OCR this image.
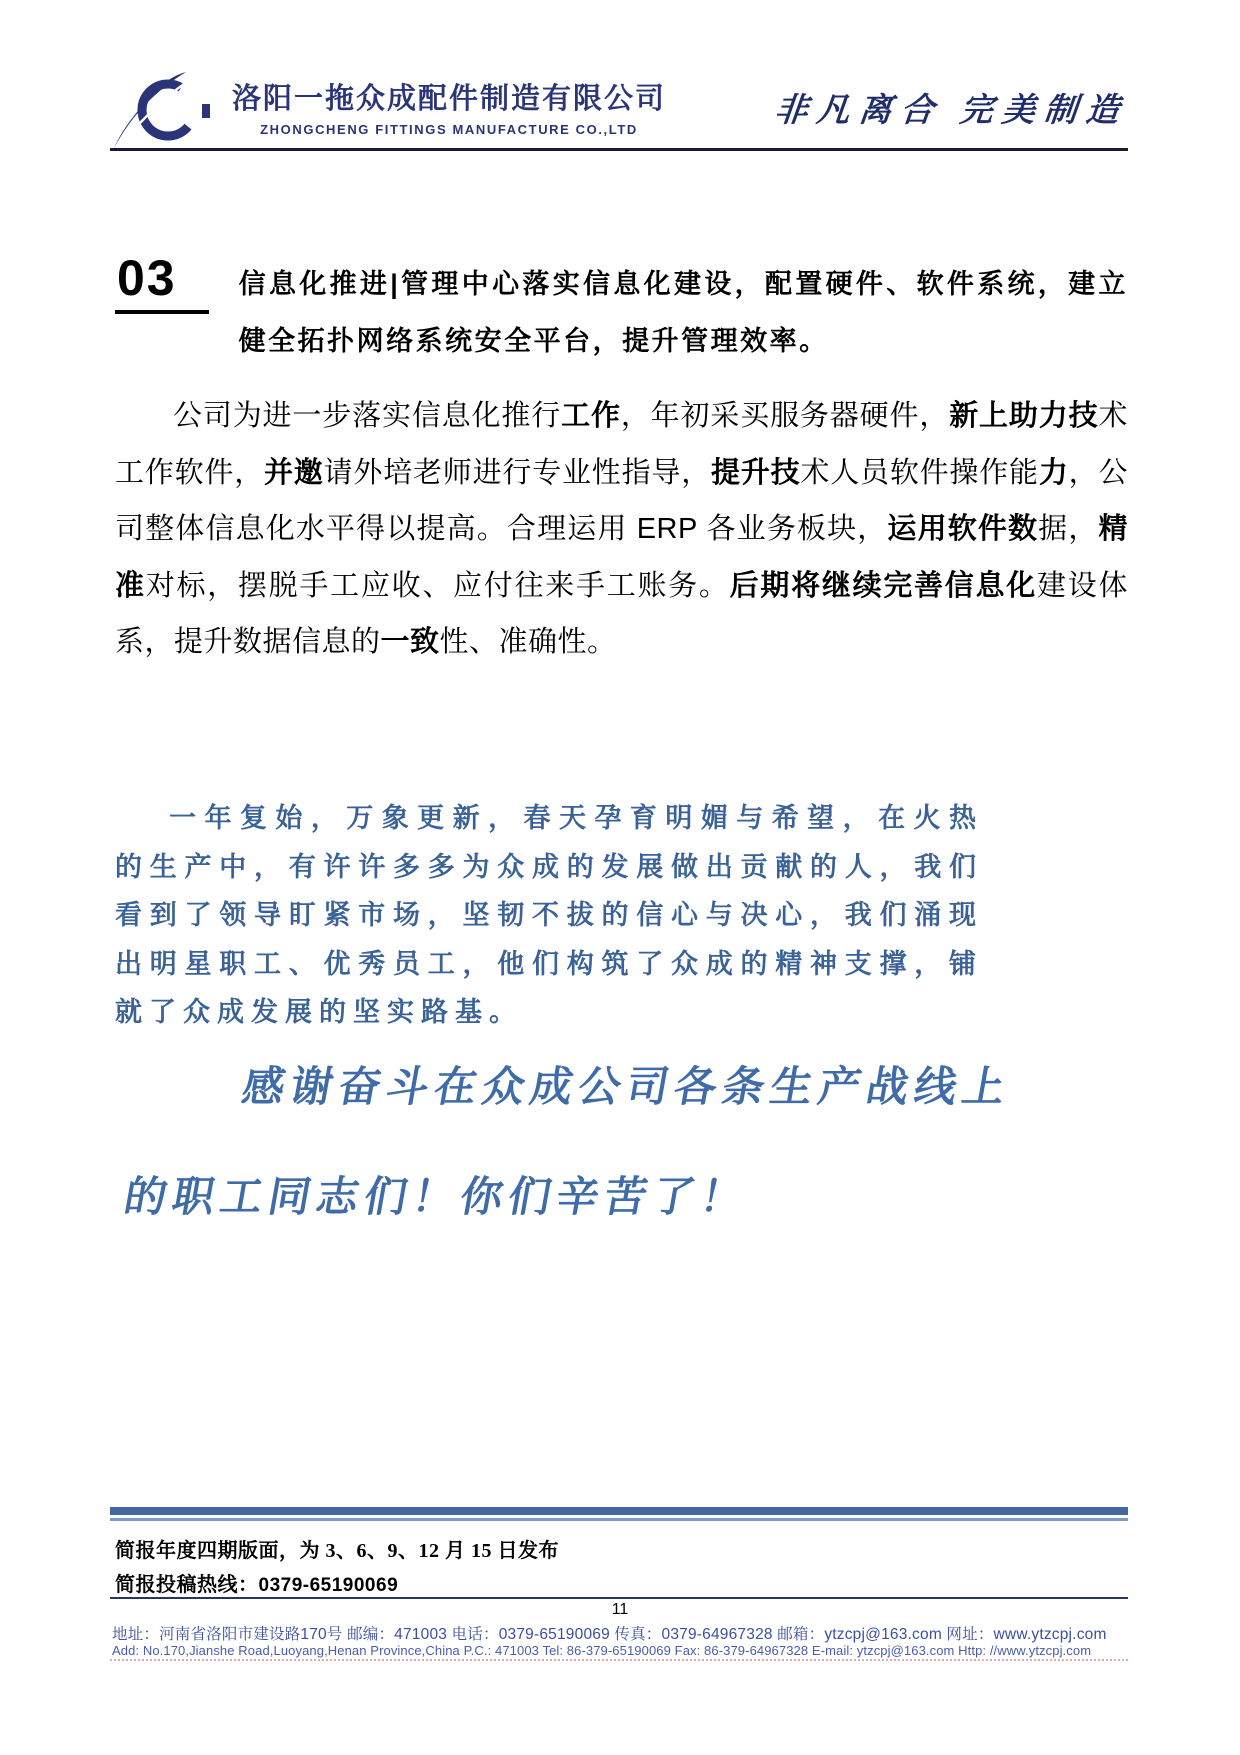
洛阳一拖众成配件制造有限公司
ZHONGCHENG FITTINGS MANUFACTURE CO.,LTD
非凡离合 完美制造
03	信息化推进|管理中心落实信息化建设，配置硬件、软件系统，建立健全拓扑网络系统安全平台，提升管理效率。

公司为进一步落实信息化推行工作，年初采买服务器硬件，新上助力技术工作软件，并邀请外培老师进行专业性指导，提升技术人员软件操作能力，公司整体信息化水平得以提高。合理运用 ERP 各业务板块，运用软件数据，精准对标，摆脱手工应收、应付往来手工账务。后期将继续完善信息化建设体系，提升数据信息的一致性、准确性。

一年复始，万象更新，春天孕育明媚与希望，在火热的生产中，有许许多多为众成的发展做出贡献的人，我们看到了领导盯紧市场，坚韧不拔的信心与决心，我们涌现出明星职工、优秀员工，他们构筑了众成的精神支撑，铺就了众成发展的坚实路基。
感谢奋斗在众成公司各条生产战线上
的职工同志们！你们辛苦了！
简报年度四期版面，为 3、6、9、12 月 15 日发布
简报投稿热线：0379-65190069
11
地址：河南省洛阳市建设路170号 邮编：471003 电话：0379-65190069 传真：0379-64967328 邮箱：ytzcpj@163.com 网址：www.ytzcpj.com
Add: No.170,Jianshe Road,Luoyang,Henan Province,China P.C.: 471003 Tel: 86-379-65190069 Fax: 86-379-64967328 E-mail: ytzcpj@163.com Http: //www.ytzcpj.com
